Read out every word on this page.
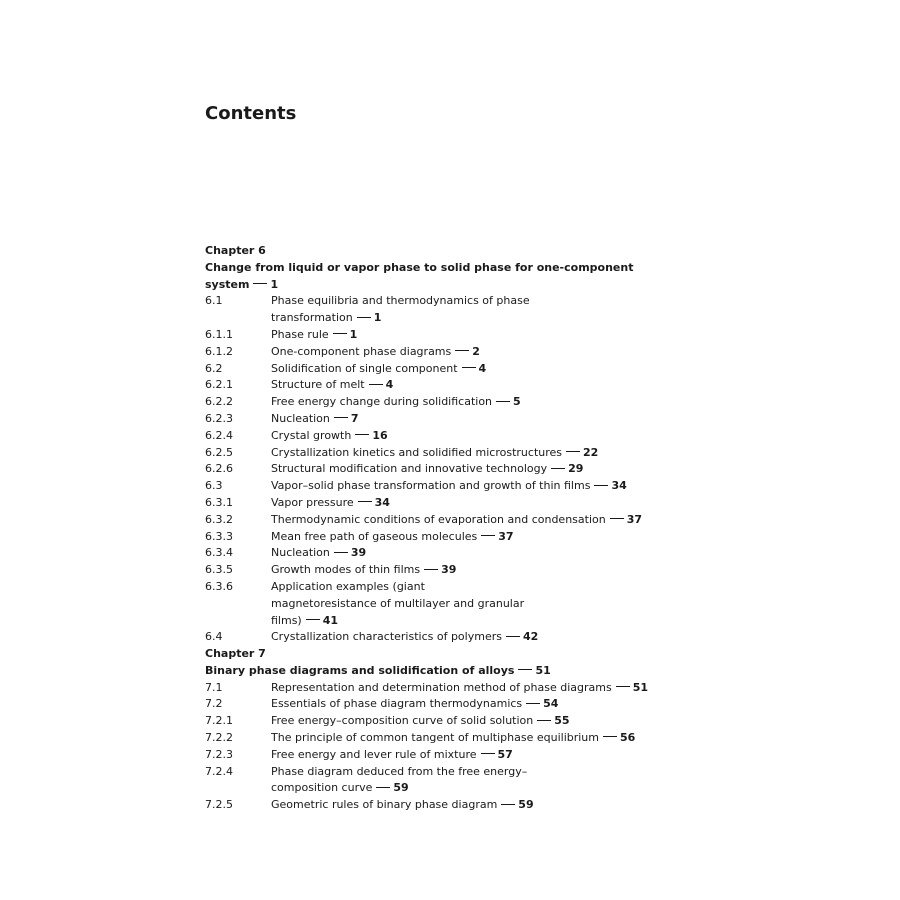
Contents
Chapter 6
Change from liquid or vapor phase to solid phase for one-component system 1
6.1	Phase equilibria and thermodynamics of phase transformation 1
6.1.1	Phase rule 1
6.1.2	One-component phase diagrams 2
6.2	Solidification of single component 4
6.2.1	Structure of melt 4
6.2.2	Free energy change during solidification 5
6.2.3	Nucleation 7
6.2.4	Crystal growth 16
6.2.5	Crystallization kinetics and solidified microstructures 22
6.2.6	Structural modification and innovative technology 29
6.3	Vapor–solid phase transformation and growth of thin films 34
6.3.1	Vapor pressure 34
6.3.2	Thermodynamic conditions of evaporation and condensation 37
6.3.3	Mean free path of gaseous molecules 37
6.3.4	Nucleation 39
6.3.5	Growth modes of thin films 39
6.3.6	Application examples (giant magnetoresistance of multilayer and granular films) 41
6.4	Crystallization characteristics of polymers 42
Chapter 7
Binary phase diagrams and solidification of alloys 51
7.1	Representation and determination method of phase diagrams 51
7.2	Essentials of phase diagram thermodynamics 54
7.2.1	Free energy–composition curve of solid solution 55
7.2.2	The principle of common tangent of multiphase equilibrium 56
7.2.3	Free energy and lever rule of mixture 57
7.2.4	Phase diagram deduced from the free energy–composition curve 59
7.2.5	Geometric rules of binary phase diagram 59
